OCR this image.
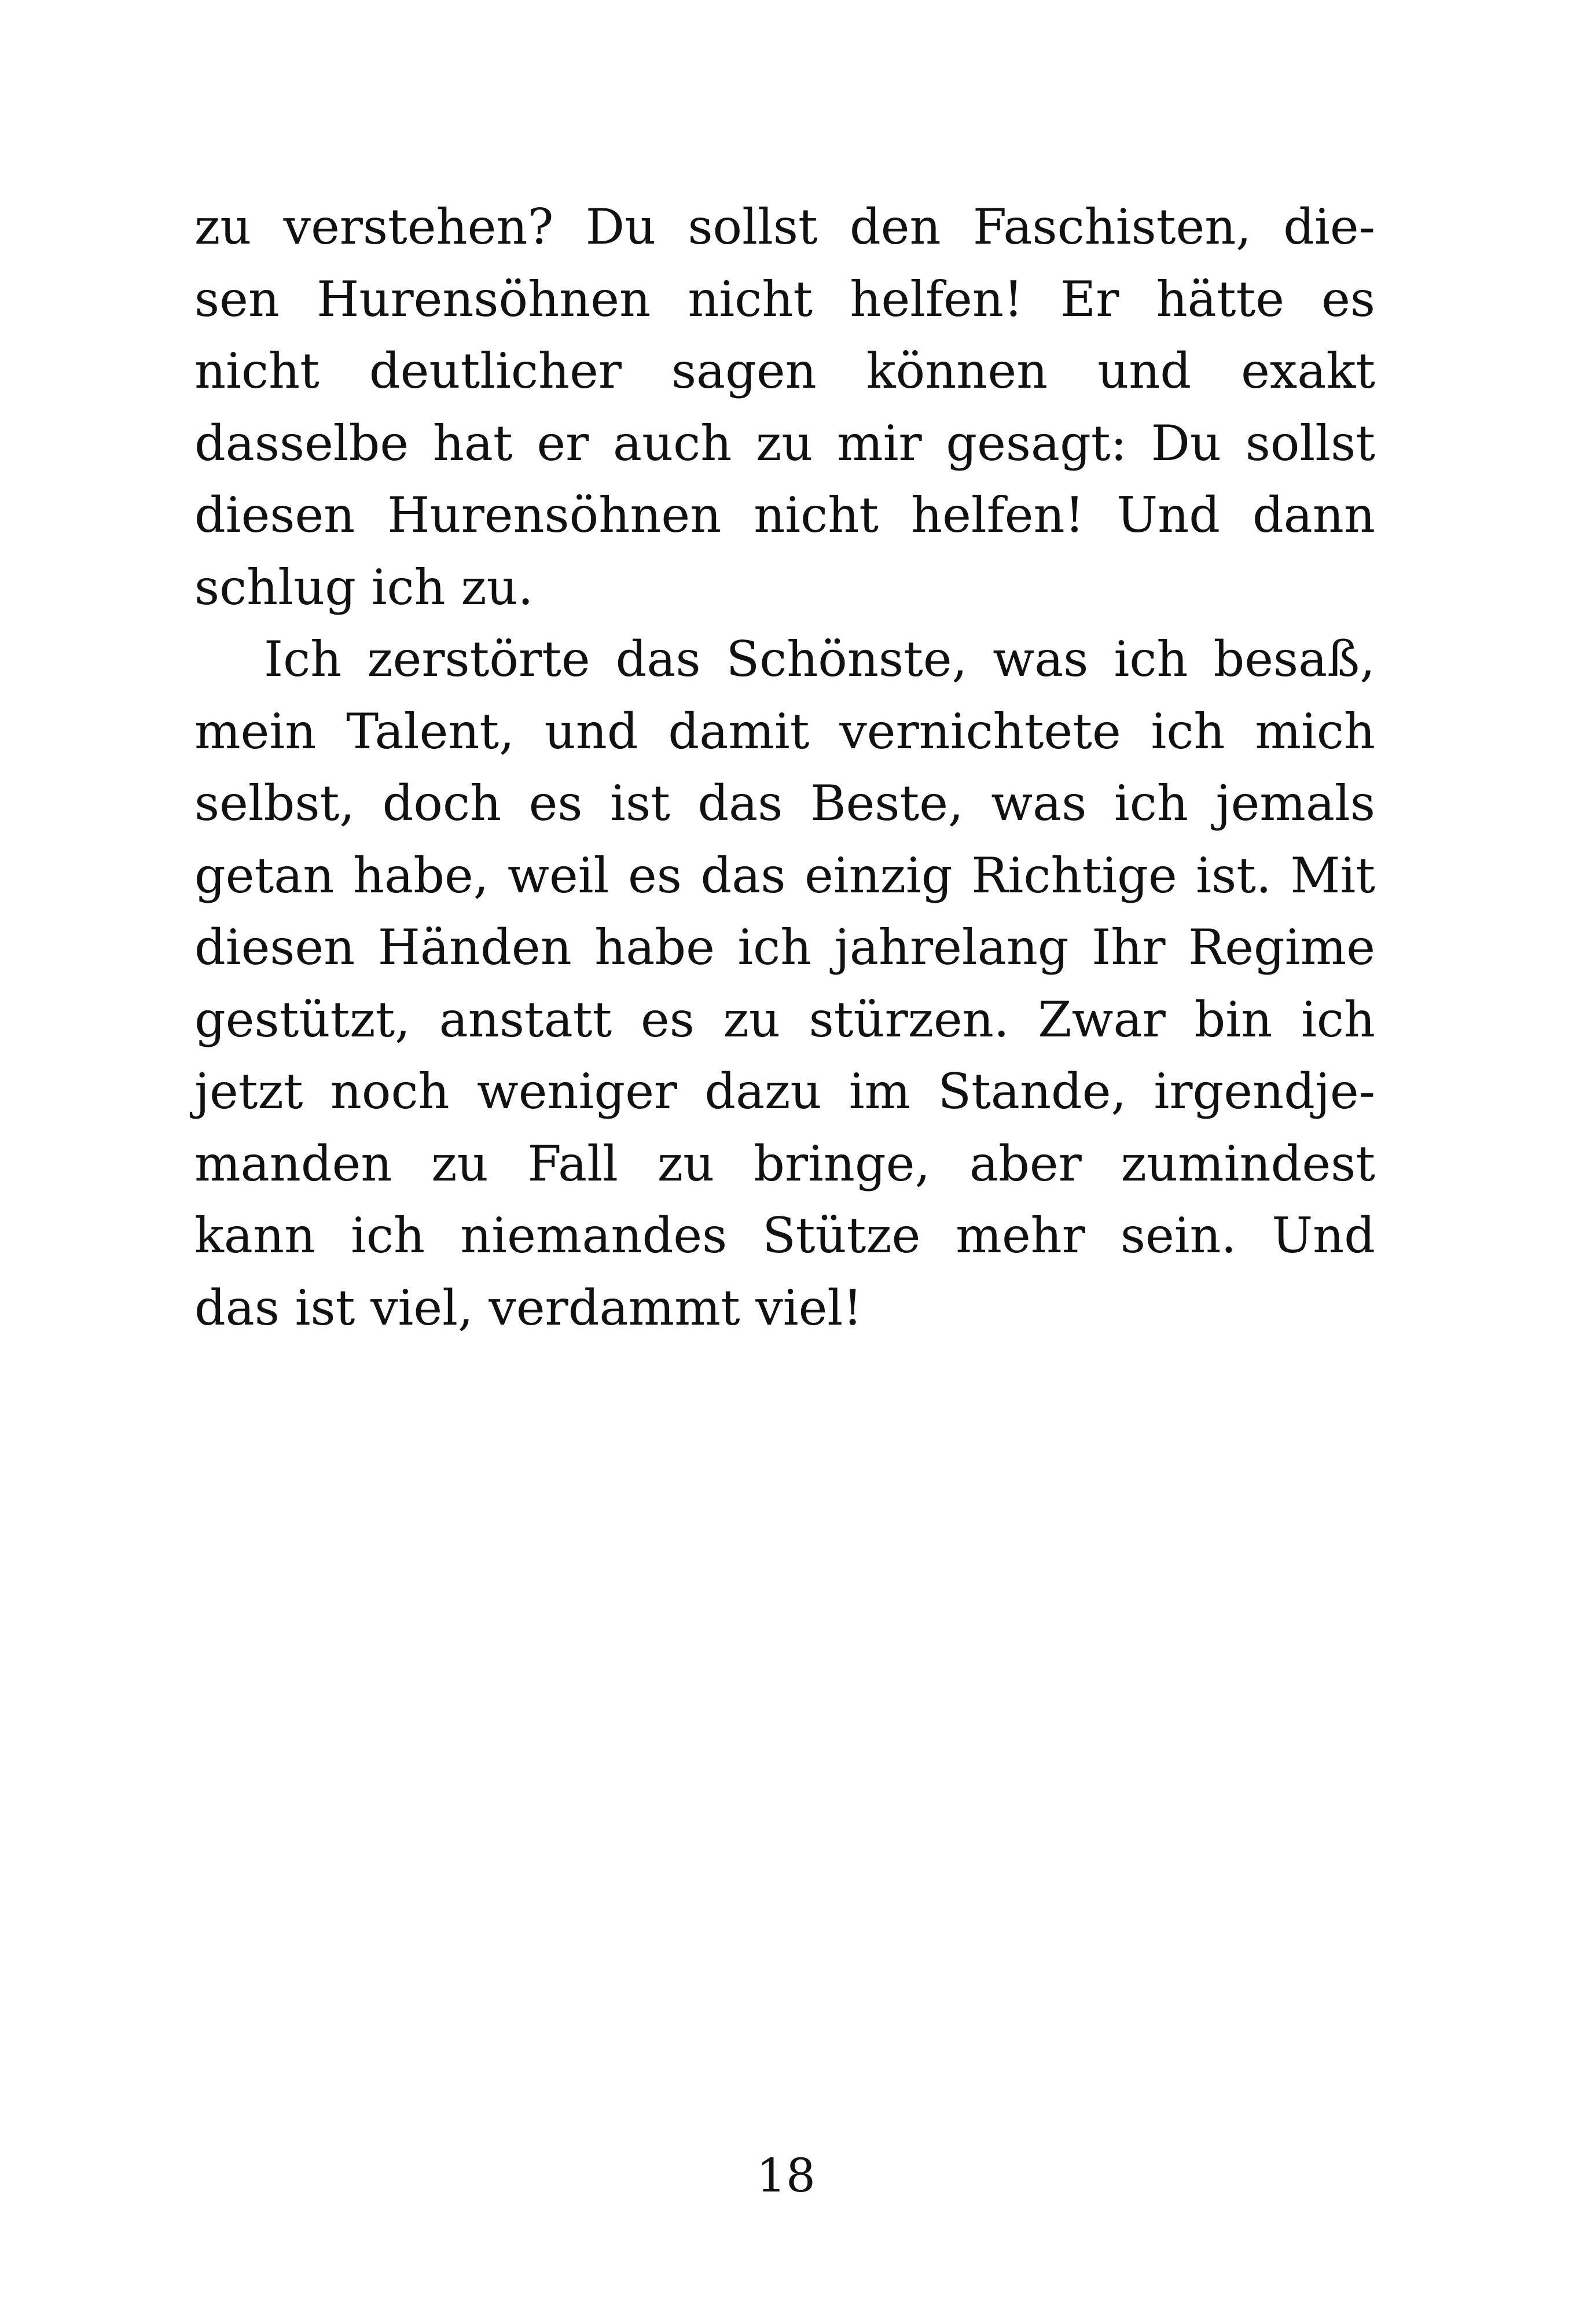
zu verstehen? Du sollst den Faschisten, die-
sen Hurensöhnen nicht helfen! Er hätte es
nicht deutlicher sagen können und exakt
dasselbe hat er auch zu mir gesagt: Du sollst
diesen Hurensöhnen nicht helfen! Und dann
schlug ich zu.
Ich zerstörte das Schönste, was ich besaß,
mein Talent, und damit vernichtete ich mich
selbst, doch es ist das Beste, was ich jemals
getan habe, weil es das einzig Richtige ist. Mit
diesen Händen habe ich jahrelang Ihr Regime
gestützt, anstatt es zu stürzen. Zwar bin ich
jetzt noch weniger dazu im Stande, irgendje-
manden zu Fall zu bringe, aber zumindest
kann ich niemandes Stütze mehr sein. Und
das ist viel, verdammt viel!
18
